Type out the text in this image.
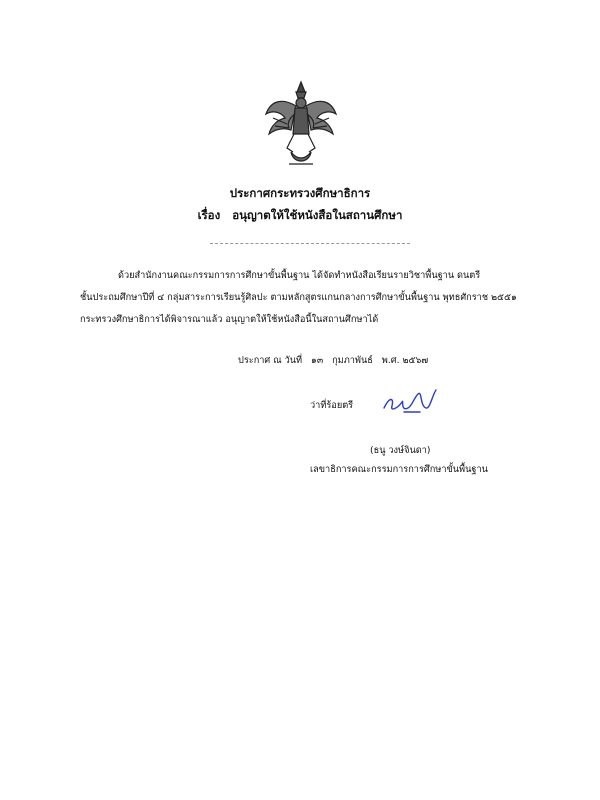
ประกาศกระทรวงศึกษาธิการ
เรื่อง อนุญาตให้ใช้หนังสือในสถานศึกษา
ด้วยสำนักงานคณะกรรมการการศึกษาขั้นพื้นฐาน ได้จัดทำหนังสือเรียนรายวิชาพื้นฐาน ดนตรี
ชั้นประถมศึกษาปีที่ ๔ กลุ่มสาระการเรียนรู้ศิลปะ ตามหลักสูตรแกนกลางการศึกษาขั้นพื้นฐาน พุทธศักราช ๒๕๕๑
กระทรวงศึกษาธิการได้พิจารณาแล้ว อนุญาตให้ใช้หนังสือนี้ในสถานศึกษาได้
ประกาศ ณ วันที่ ๑๓ กุมภาพันธ์ พ.ศ. ๒๕๖๗
ว่าที่ร้อยตรี
(ธนู วงษ์จินดา)
เลขาธิการคณะกรรมการการศึกษาขั้นพื้นฐาน
